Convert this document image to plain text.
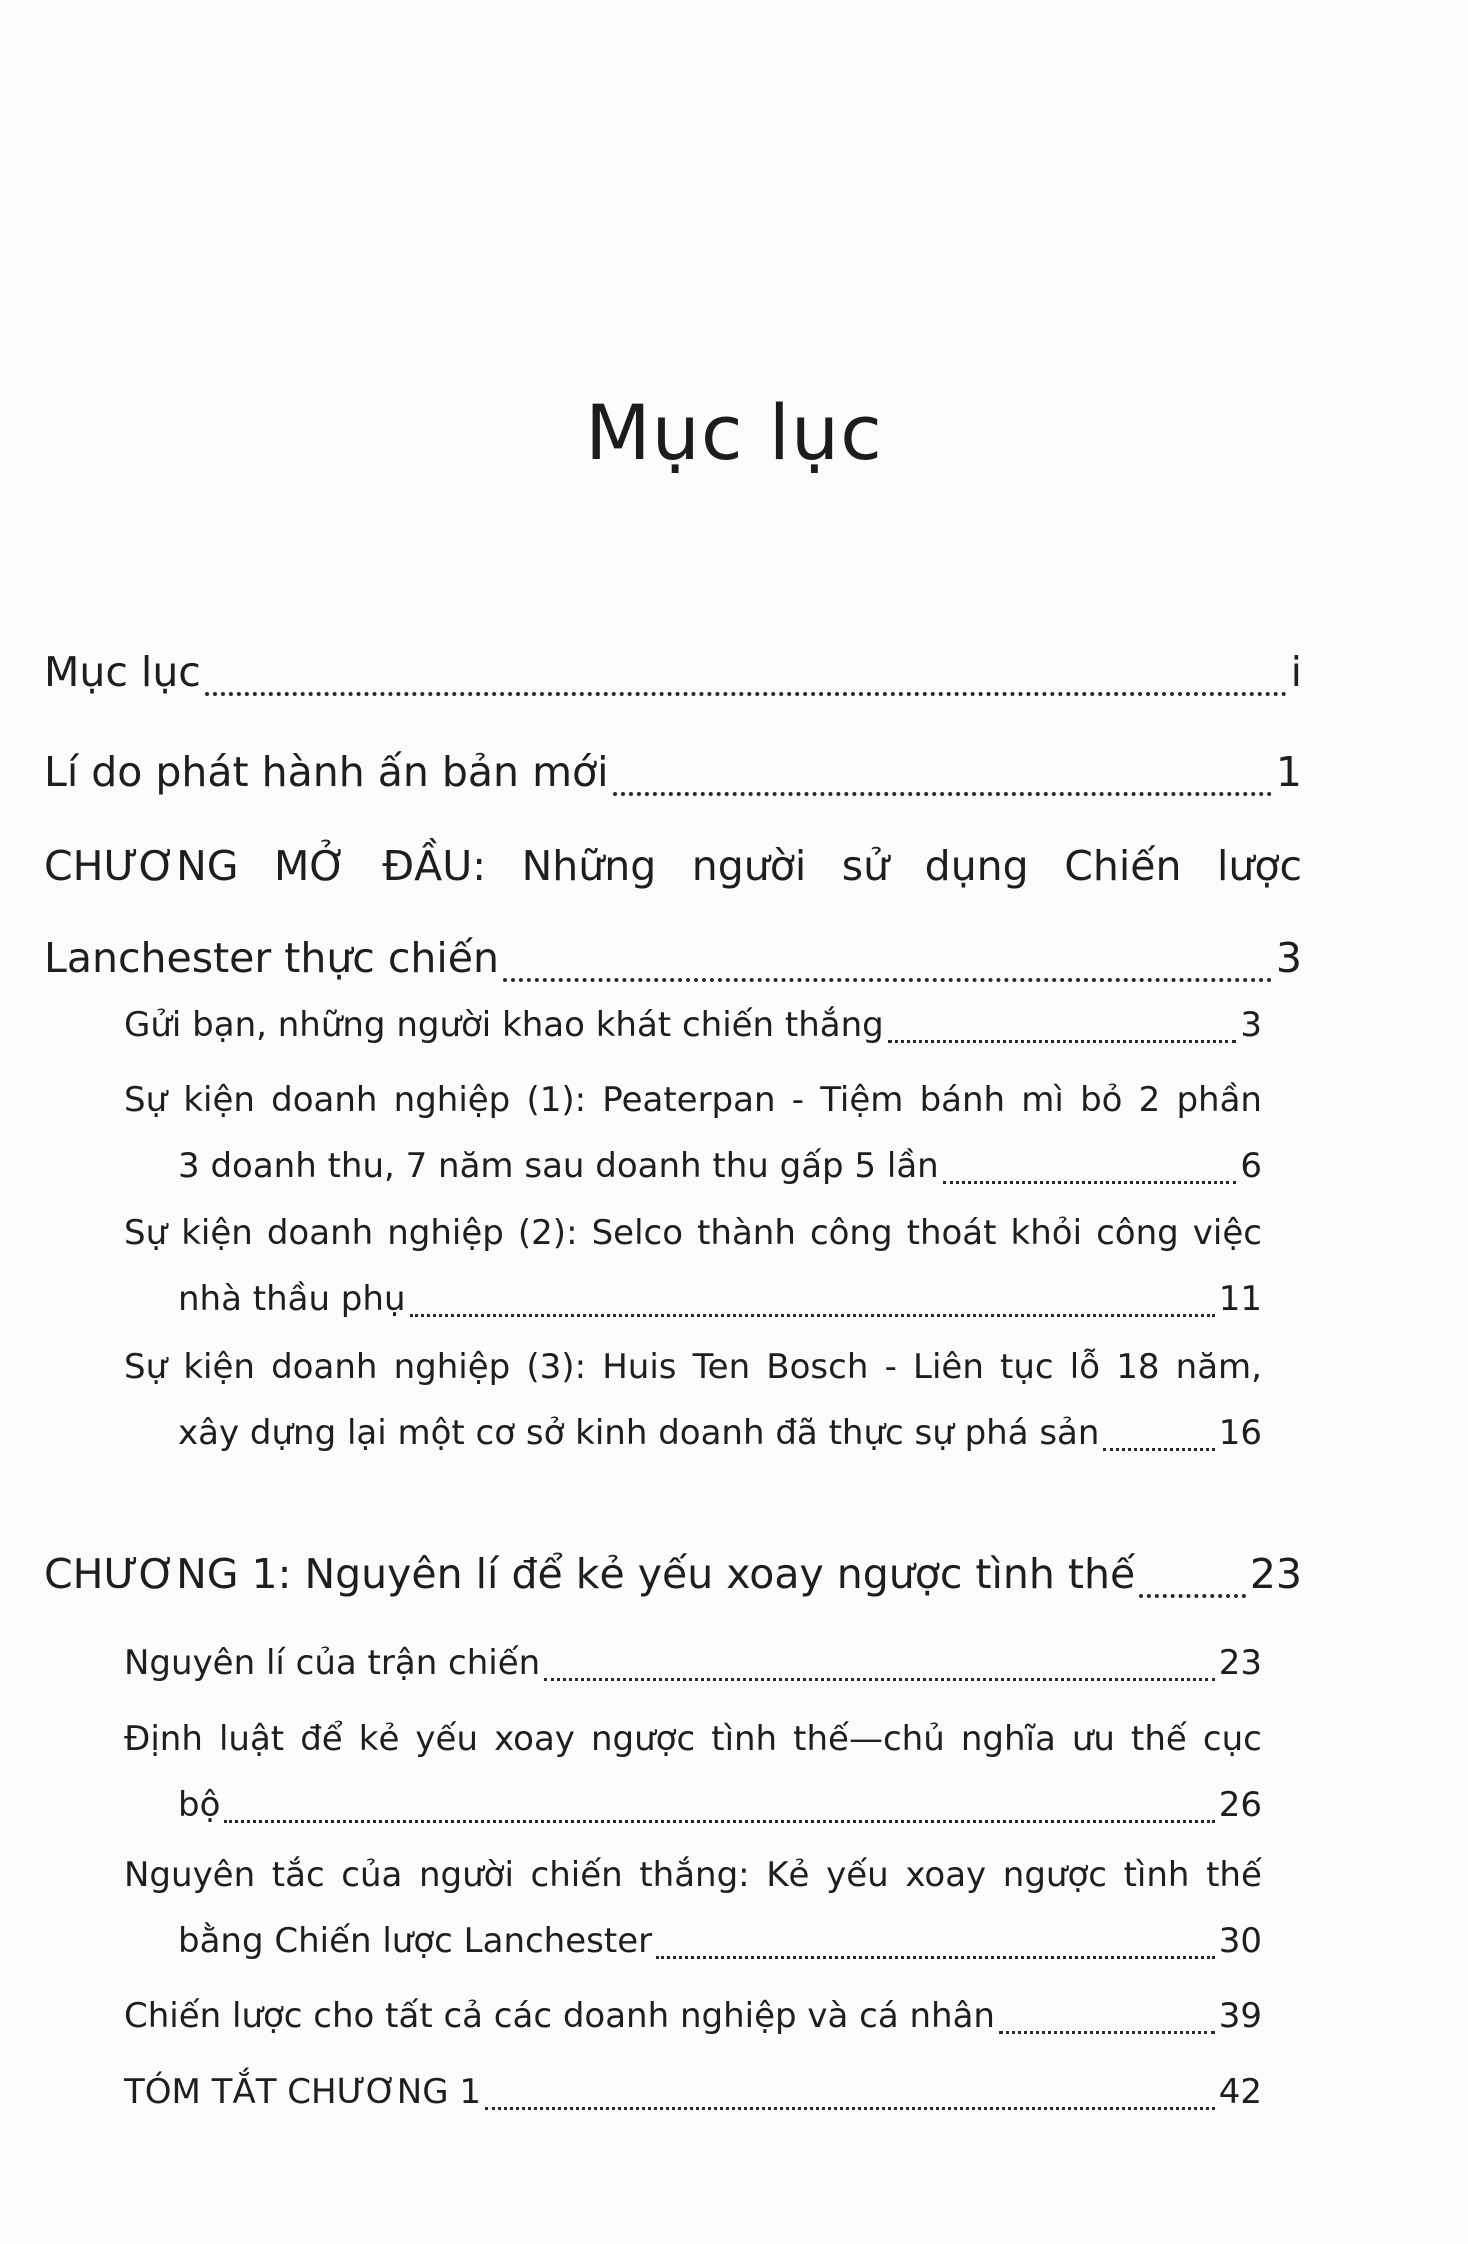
Mục lục
Mục lục	i
Lí do phát hành ấn bản mới	1
CHƯƠNG MỞ ĐẦU: Những người sử dụng Chiến lược
Lanchester thực chiến	3
Gửi bạn, những người khao khát chiến thắng	3
Sự kiện doanh nghiệp (1): Peaterpan - Tiệm bánh mì bỏ 2 phần
3 doanh thu, 7 năm sau doanh thu gấp 5 lần	6
Sự kiện doanh nghiệp (2): Selco thành công thoát khỏi công việc
nhà thầu phụ	11
Sự kiện doanh nghiệp (3): Huis Ten Bosch - Liên tục lỗ 18 năm,
xây dựng lại một cơ sở kinh doanh đã thực sự phá sản	16
CHƯƠNG 1: Nguyên lí để kẻ yếu xoay ngược tình thế	23
Nguyên lí của trận chiến	23
Định luật để kẻ yếu xoay ngược tình thế—chủ nghĩa ưu thế cục
bộ	26
Nguyên tắc của người chiến thắng: Kẻ yếu xoay ngược tình thế
bằng Chiến lược Lanchester	30
Chiến lược cho tất cả các doanh nghiệp và cá nhân	39
TÓM TẮT CHƯƠNG 1	42
